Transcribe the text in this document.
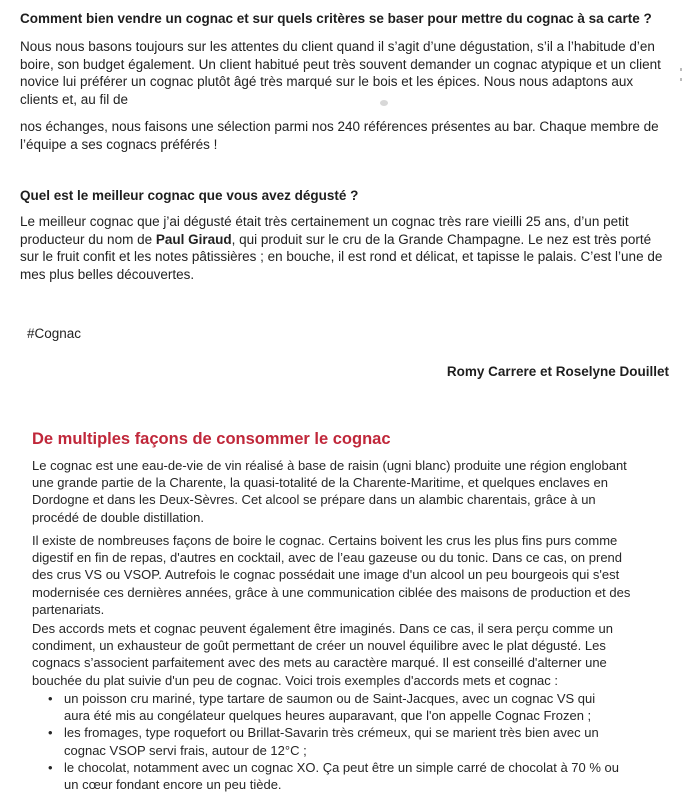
Comment bien vendre un cognac et sur quels critères se baser pour mettre du cognac à sa carte ?
Nous nous basons toujours sur les attentes du client quand il s’agit d’une dégustation, s’il a l’habitude d’en boire, son budget également. Un client habitué peut très souvent demander un cognac atypique et un client novice lui préférer un cognac plutôt âgé très marqué sur le bois et les épices. Nous nous adaptons aux clients et, au fil de
nos échanges, nous faisons une sélection parmi nos 240 références présentes au bar. Chaque membre de l’équipe a ses cognacs préférés !
Quel est le meilleur cognac que vous avez dégusté ?
Le meilleur cognac que j’ai dégusté était très certainement un cognac très rare vieilli 25 ans, d’un petit producteur du nom de Paul Giraud, qui produit sur le cru de la Grande Champagne. Le nez est très porté sur le fruit confit et les notes pâtissières ; en bouche, il est rond et délicat, et tapisse le palais. C’est l’une de mes plus belles découvertes.
#Cognac
Romy Carrere et Roselyne Douillet
De multiples façons de consommer le cognac
Le cognac est une eau-de-vie de vin réalisé à base de raisin (ugni blanc) produite une région englobant une grande partie de la Charente, la quasi-totalité de la Charente-Maritime, et quelques enclaves en Dordogne et dans les Deux-Sèvres. Cet alcool se prépare dans un alambic charentais, grâce à un procédé de double distillation.
Il existe de nombreuses façons de boire le cognac. Certains boivent les crus les plus fins purs comme digestif en fin de repas, d'autres en cocktail, avec de l’eau gazeuse ou du tonic. Dans ce cas, on prend des crus VS ou VSOP. Autrefois le cognac possédait une image d'un alcool un peu bourgeois qui s'est modernisée ces dernières années, grâce à une communication ciblée des maisons de production et des partenariats.
Des accords mets et cognac peuvent également être imaginés. Dans ce cas, il sera perçu comme un condiment, un exhausteur de goût permettant de créer un nouvel équilibre avec le plat dégusté. Les cognacs s’associent parfaitement avec des mets au caractère marqué. Il est conseillé d'alterner une bouchée du plat suivie d'un peu de cognac. Voici trois exemples d'accords mets et cognac :
• un poisson cru mariné, type tartare de saumon ou de Saint-Jacques, avec un cognac VS qui aura été mis au congélateur quelques heures auparavant, que l'on appelle Cognac Frozen ;
• les fromages, type roquefort ou Brillat-Savarin très crémeux, qui se marient très bien avec un cognac VSOP servi frais, autour de 12°C ;
• le chocolat, notamment avec un cognac XO. Ça peut être un simple carré de chocolat à 70 % ou un cœur fondant encore un peu tiède.
